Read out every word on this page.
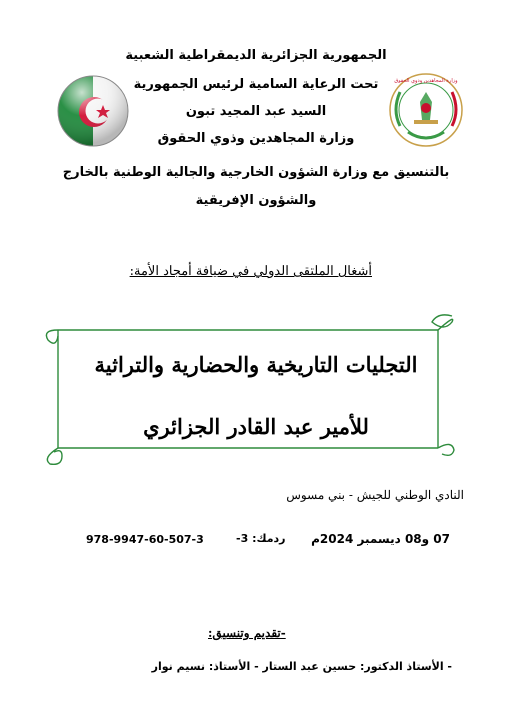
الجمهورية الجزائرية الديمقراطية الشعبية
تحت الرعاية السامية لرئيس الجمهورية
السيد عبد المجيد تبون
وزارة المجاهدين وذوي الحقوق
بالتنسيق مع وزارة الشؤون الخارجية والجالية الوطنية بالخارج
والشؤون الإفريقية
وزارة المجاهدين وذوي الحقوق
أشغال الملتقى الدولي في ضيافة أمجاد الأمة:
التجليات التاريخية والحضارية والتراثية
للأمير عبد القادر الجزائري
النادي الوطني للجيش - بني مسوس
07 و08 ديسمبر 2024م
ردمك: 3-
978-9947-60-507-3
-تقديم وتنسيق:
- الأستاذ الدكتور: حسين عبد الستار - الأستاذ: نسيم نوار
